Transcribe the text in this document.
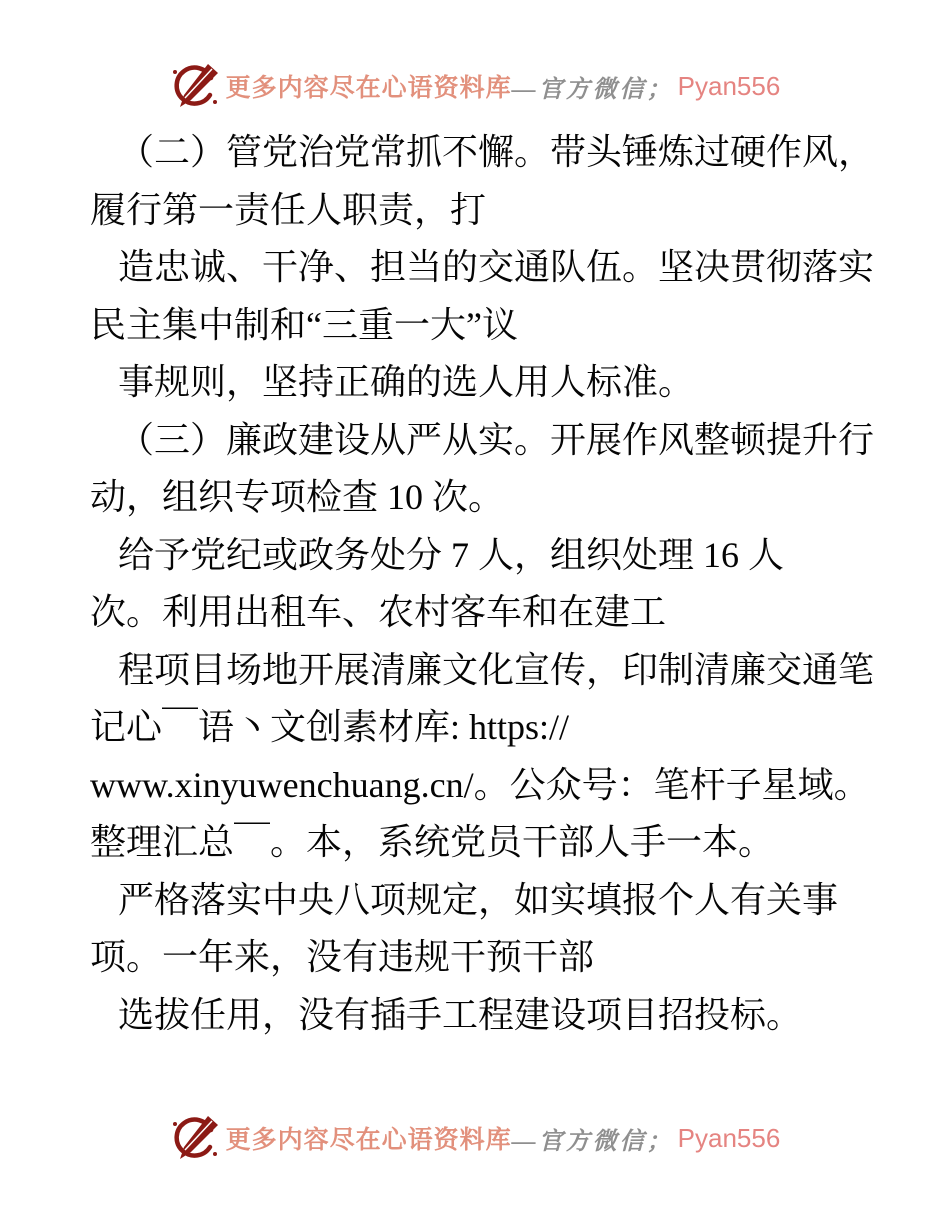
更多内容尽在心语资料库 —官方微信； Pyan556
（二）管党治党常抓不懈。带头锤炼过硬作风，
履行第一责任人职责，打
造忠诚、干净、担当的交通队伍。坚决贯彻落实
民主集中制和“三重一大”议
事规则，坚持正确的选人用人标准。
（三）廉政建设从严从实。开展作风整顿提升行
动，组织专项检查 10 次。
给予党纪或政务处分 7 人，组织处理 16 人
次。利用出租车、农村客车和在建工
程项目场地开展清廉文化宣传，印制清廉交通笔
记心￣语丶文创素材库: https://
www.xinyuwenchuang.cn/。公众号：笔杆子星域。
整理汇总￣。本，系统党员干部人手一本。
严格落实中央八项规定，如实填报个人有关事
项。一年来，没有违规干预干部
选拔任用，没有插手工程建设项目招投标。
更多内容尽在心语资料库 —官方微信； Pyan556
